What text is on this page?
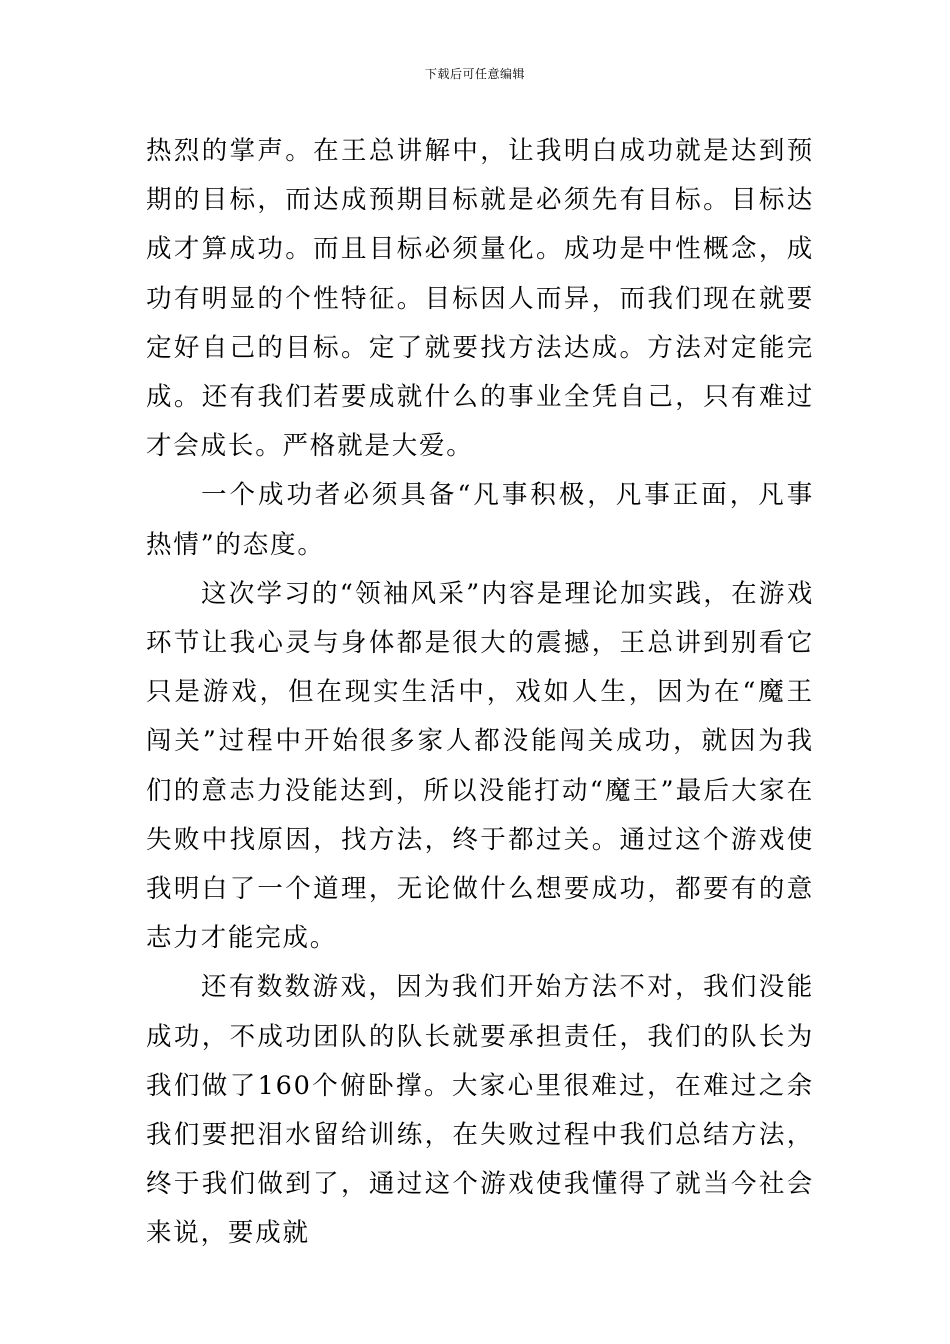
下载后可任意编辑

热烈的掌声。在王总讲解中，让我明白成功就是达到预期的目标，而达成预期目标就是必须先有目标。目标达成才算成功。而且目标必须量化。成功是中性概念，成功有明显的个性特征。目标因人而异，而我们现在就要定好自己的目标。定了就要找方法达成。方法对定能完成。还有我们若要成就什么的事业全凭自己，只有难过才会成长。严格就是大爱。

一个成功者必须具备“凡事积极，凡事正面，凡事热情”的态度。

这次学习的“领袖风采”内容是理论加实践，在游戏环节让我心灵与身体都是很大的震撼，王总讲到别看它只是游戏，但在现实生活中，戏如人生，因为在“魔王闯关”过程中开始很多家人都没能闯关成功，就因为我们的意志力没能达到，所以没能打动“魔王”最后大家在失败中找原因，找方法，终于都过关。通过这个游戏使我明白了一个道理，无论做什么想要成功，都要有的意志力才能完成。

还有数数游戏，因为我们开始方法不对，我们没能成功，不成功团队的队长就要承担责任，我们的队长为我们做了160个俯卧撑。大家心里很难过，在难过之余我们要把泪水留给训练，在失败过程中我们总结方法，终于我们做到了，通过这个游戏使我懂得了就当今社会来说，要成就
